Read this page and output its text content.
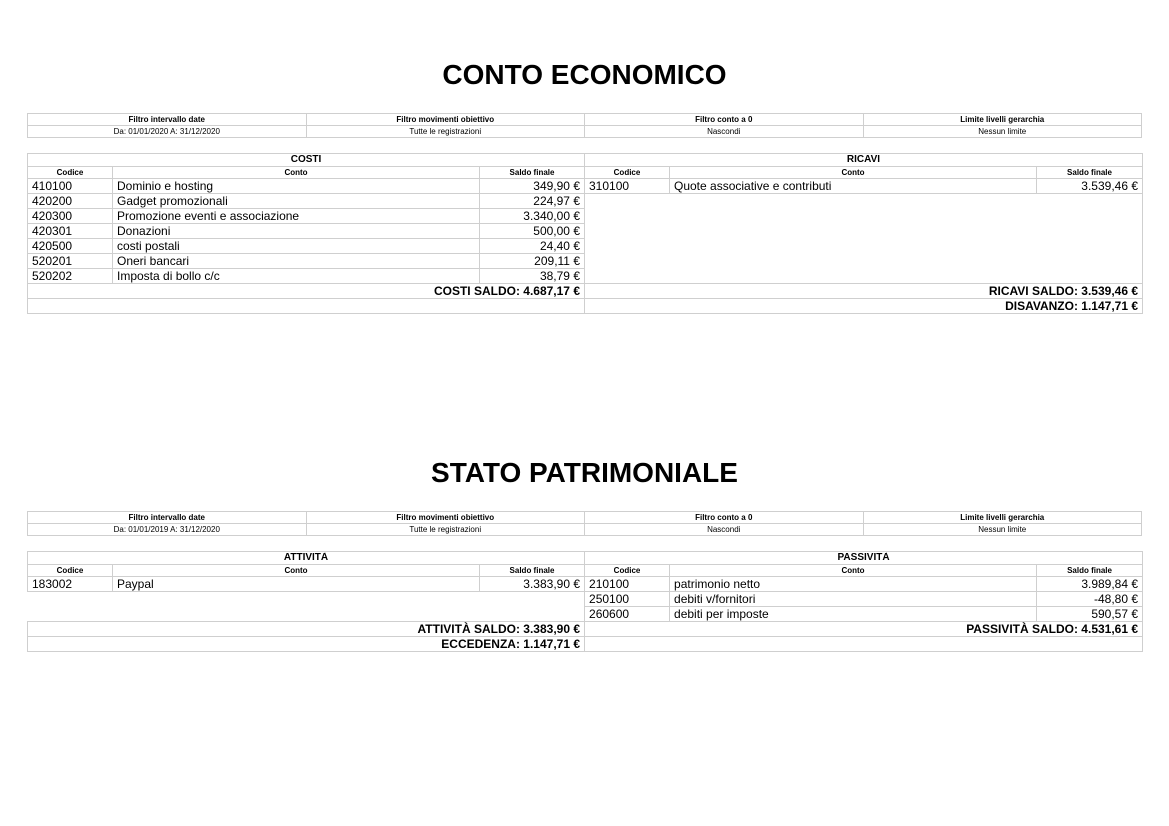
CONTO ECONOMICO
Filtro intervallo date	Filtro movimenti obiettivo	Filtro conto a 0	Limite livelli gerarchia
Da: 01/01/2020 A: 31/12/2020	Tutte le registrazioni	Nascondi	Nessun limite
COSTI			RICAVI		
Codice	Conto	Saldo finale	Codice	Conto	Saldo finale
410100	Dominio e hosting	349,90 €	310100	Quote associative e contributi	3.539,46 €
420200	Gadget promozionali	224,97 €			
420300	Promozione eventi e associazione	3.340,00 €			
420301	Donazioni	500,00 €			
420500	costi postali	24,40 €			
520201	Oneri bancari	209,11 €			
520202	Imposta di bollo c/c	38,79 €			
COSTI SALDO: 4.687,17 €			RICAVI SALDO: 3.539,46 €		
			DISAVANZO: 1.147,71 €		
STATO PATRIMONIALE
Filtro intervallo date	Filtro movimenti obiettivo	Filtro conto a 0	Limite livelli gerarchia
Da: 01/01/2019 A: 31/12/2020	Tutte le registrazioni	Nascondi	Nessun limite
ATTIVITÀ			PASSIVITÀ		
Codice	Conto	Saldo finale	Codice	Conto	Saldo finale
183002	Paypal	3.383,90 €	210100	patrimonio netto	3.989,84 €
			250100	debiti v/fornitori	-48,80 €
			260600	debiti per imposte	590,57 €
ATTIVITÀ SALDO: 3.383,90 €			PASSIVITÀ SALDO: 4.531,61 €		
ECCEDENZA: 1.147,71 €					
